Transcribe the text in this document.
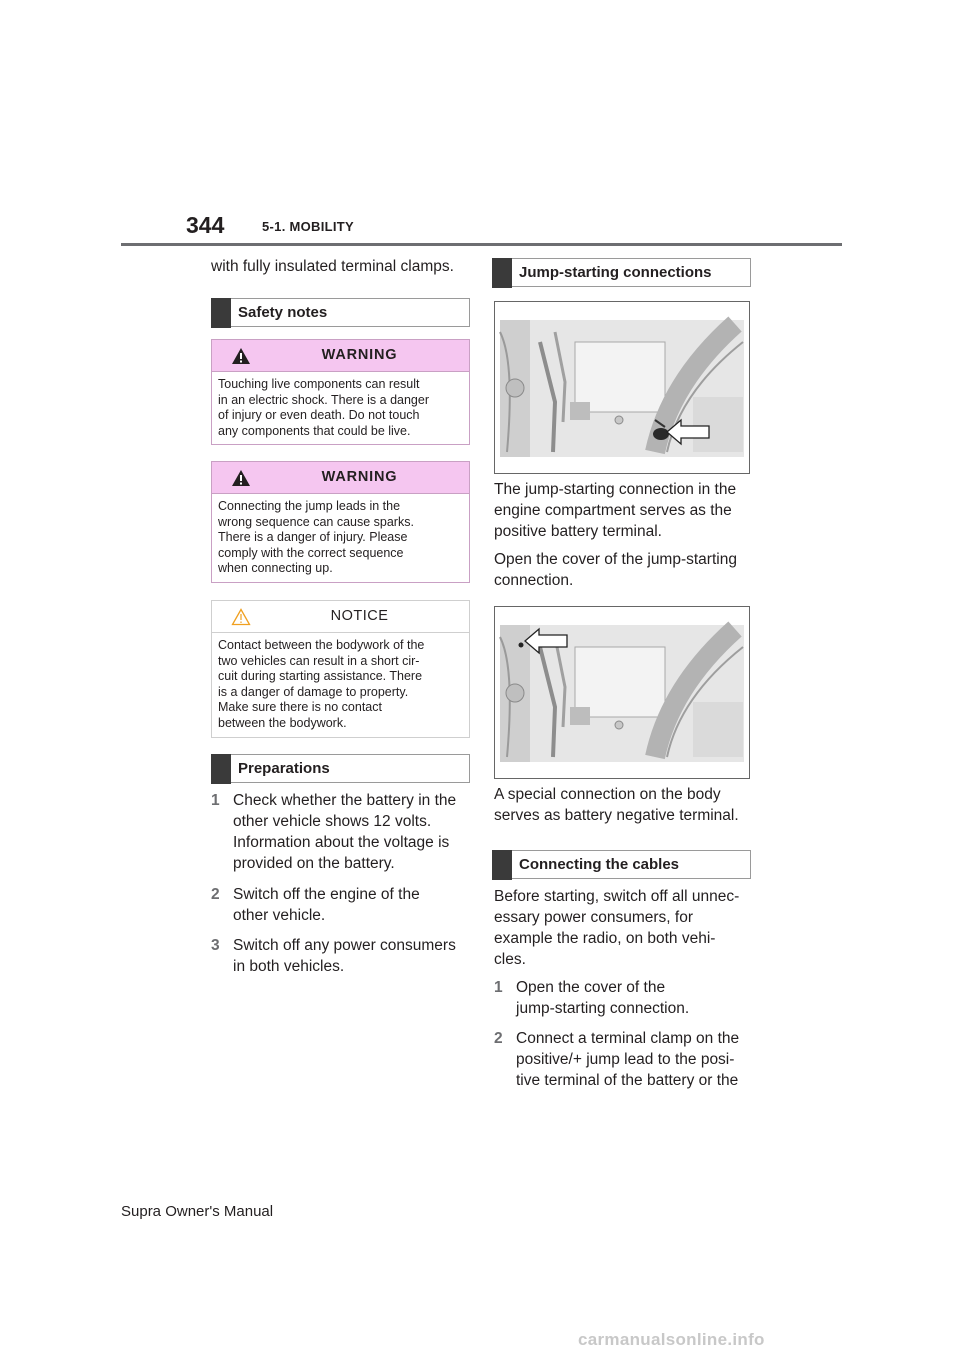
344	5-1. MOBILITY
with fully insulated terminal clamps.
Safety notes
WARNING
Touching live components can result
in an electric shock. There is a danger
of injury or even death. Do not touch
any components that could be live.
WARNING
Connecting the jump leads in the
wrong sequence can cause sparks.
There is a danger of injury. Please
comply with the correct sequence
when connecting up.
NOTICE
Contact between the bodywork of the
two vehicles can result in a short cir-
cuit during starting assistance. There
is a danger of damage to property.
Make sure there is no contact
between the bodywork.
Preparations
1 Check whether the battery in the
other vehicle shows 12 volts.
Information about the voltage is
provided on the battery.
2 Switch off the engine of the
other vehicle.
3 Switch off any power consumers
in both vehicles.
Jump-starting connections
The jump-starting connection in the
engine compartment serves as the
positive battery terminal.
Open the cover of the jump-starting
connection.
A special connection on the body
serves as battery negative terminal.
Connecting the cables
Before starting, switch off all unnec-
essary power consumers, for
example the radio, on both vehi-
cles.
1 Open the cover of the
jump-starting connection.
2 Connect a terminal clamp on the
positive/+ jump lead to the posi-
tive terminal of the battery or the
Supra Owner's Manual
carmanualsonline.info
